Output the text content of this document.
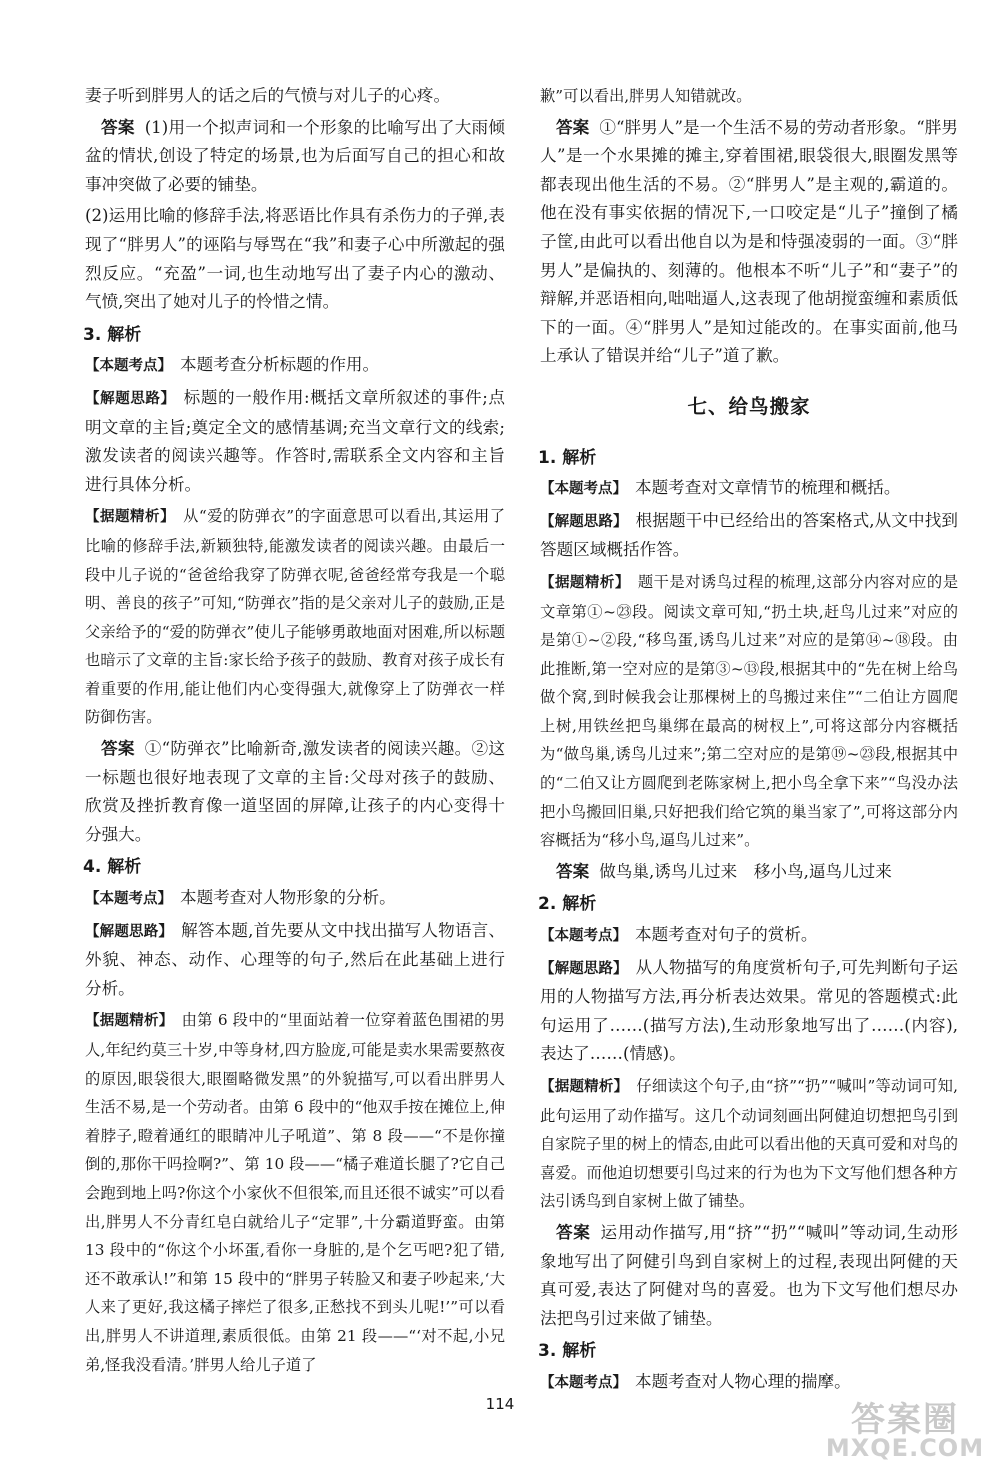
妻子听到胖男人的话之后的气愤与对儿子的心疼。

答案 (1)用一个拟声词和一个形象的比喻写出了大雨倾盆的情状,创设了特定的场景,也为后面写自己的担心和故事冲突做了必要的铺垫。

(2)运用比喻的修辞手法,将恶语比作具有杀伤力的子弹,表现了“胖男人”的诬陷与辱骂在“我”和妻子心中所激起的强烈反应。“充盈”一词,也生动地写出了妻子内心的激动、气愤,突出了她对儿子的怜惜之情。

3. 解析

【本题考点】 本题考查分析标题的作用。

【解题思路】 标题的一般作用:概括文章所叙述的事件;点明文章的主旨;奠定全文的感情基调;充当文章行文的线索;激发读者的阅读兴趣等。作答时,需联系全文内容和主旨进行具体分析。

【据题精析】 从“爱的防弹衣”的字面意思可以看出,其运用了比喻的修辞手法,新颖独特,能激发读者的阅读兴趣。由最后一段中儿子说的“爸爸给我穿了防弹衣呢,爸爸经常夸我是一个聪明、善良的孩子”可知,“防弹衣”指的是父亲对儿子的鼓励,正是父亲给予的“爱的防弹衣”使儿子能够勇敢地面对困难,所以标题也暗示了文章的主旨:家长给予孩子的鼓励、教育对孩子成长有着重要的作用,能让他们内心变得强大,就像穿上了防弹衣一样防御伤害。

答案 ①“防弹衣”比喻新奇,激发读者的阅读兴趣。②这一标题也很好地表现了文章的主旨:父母对孩子的鼓励、欣赏及挫折教育像一道坚固的屏障,让孩子的内心变得十分强大。

4. 解析

【本题考点】 本题考查对人物形象的分析。

【解题思路】 解答本题,首先要从文中找出描写人物语言、外貌、神态、动作、心理等的句子,然后在此基础上进行分析。

【据题精析】 由第 6 段中的“里面站着一位穿着蓝色围裙的男人,年纪约莫三十岁,中等身材,四方脸庞,可能是卖水果需要熬夜的原因,眼袋很大,眼圈略微发黑”的外貌描写,可以看出胖男人生活不易,是一个劳动者。由第 6 段中的“他双手按在摊位上,伸着脖子,瞪着通红的眼睛冲儿子吼道”、第 8 段——“不是你撞倒的,那你干吗捡啊?”、第 10 段——“橘子难道长腿了?它自己会跑到地上吗?你这个小家伙不但很笨,而且还很不诚实”可以看出,胖男人不分青红皂白就给儿子“定罪”,十分霸道野蛮。由第 13 段中的“你这个小坏蛋,看你一身脏的,是个乞丐吧?犯了错,还不敢承认!”和第 15 段中的“胖男子转脸又和妻子吵起来,‘大人来了更好,我这橘子摔烂了很多,正愁找不到头儿呢!’”可以看出,胖男人不讲道理,素质很低。由第 21 段——“‘对不起,小兄弟,怪我没看清。’胖男人给儿子道了

歉”可以看出,胖男人知错就改。

答案 ①“胖男人”是一个生活不易的劳动者形象。“胖男人”是一个水果摊的摊主,穿着围裙,眼袋很大,眼圈发黑等都表现出他生活的不易。②“胖男人”是主观的,霸道的。他在没有事实依据的情况下,一口咬定是“儿子”撞倒了橘子筐,由此可以看出他自以为是和恃强凌弱的一面。③“胖男人”是偏执的、刻薄的。他根本不听“儿子”和“妻子”的辩解,并恶语相向,咄咄逼人,这表现了他胡搅蛮缠和素质低下的一面。④“胖男人”是知过能改的。在事实面前,他马上承认了错误并给“儿子”道了歉。

七、给鸟搬家
1. 解析

【本题考点】 本题考查对文章情节的梳理和概括。

【解题思路】 根据题干中已经给出的答案格式,从文中找到答题区域概括作答。

【据题精析】 题干是对诱鸟过程的梳理,这部分内容对应的是文章第①~㉓段。阅读文章可知,“扔土块,赶鸟儿过来”对应的是第①~②段,“移鸟蛋,诱鸟儿过来”对应的是第⑭~⑱段。由此推断,第一空对应的是第③~⑬段,根据其中的“先在树上给鸟做个窝,到时候我会让那棵树上的鸟搬过来住”“二伯让方圆爬上树,用铁丝把鸟巢绑在最高的树杈上”,可将这部分内容概括为“做鸟巢,诱鸟儿过来”;第二空对应的是第⑲~㉓段,根据其中的“二伯又让方圆爬到老陈家树上,把小鸟全拿下来”“鸟没办法把小鸟搬回旧巢,只好把我们给它筑的巢当家了”,可将这部分内容概括为“移小鸟,逼鸟儿过来”。

答案 做鸟巢,诱鸟儿过来　移小鸟,逼鸟儿过来

2. 解析

【本题考点】 本题考查对句子的赏析。

【解题思路】 从人物描写的角度赏析句子,可先判断句子运用的人物描写方法,再分析表达效果。常见的答题模式:此句运用了……(描写方法),生动形象地写出了……(内容),表达了……(情感)。

【据题精析】 仔细读这个句子,由“挤”“扔”“喊叫”等动词可知,此句运用了动作描写。这几个动词刻画出阿健迫切想把鸟引到自家院子里的树上的情态,由此可以看出他的天真可爱和对鸟的喜爱。而他迫切想要引鸟过来的行为也为下文写他们想各种方法引诱鸟到自家树上做了铺垫。

答案 运用动作描写,用“挤”“扔”“喊叫”等动词,生动形象地写出了阿健引鸟到自家树上的过程,表现出阿健的天真可爱,表达了阿健对鸟的喜爱。也为下文写他们想尽办法把鸟引过来做了铺垫。

3. 解析

【本题考点】 本题考查对人物心理的揣摩。

114	答案圈
MXQE.COM
